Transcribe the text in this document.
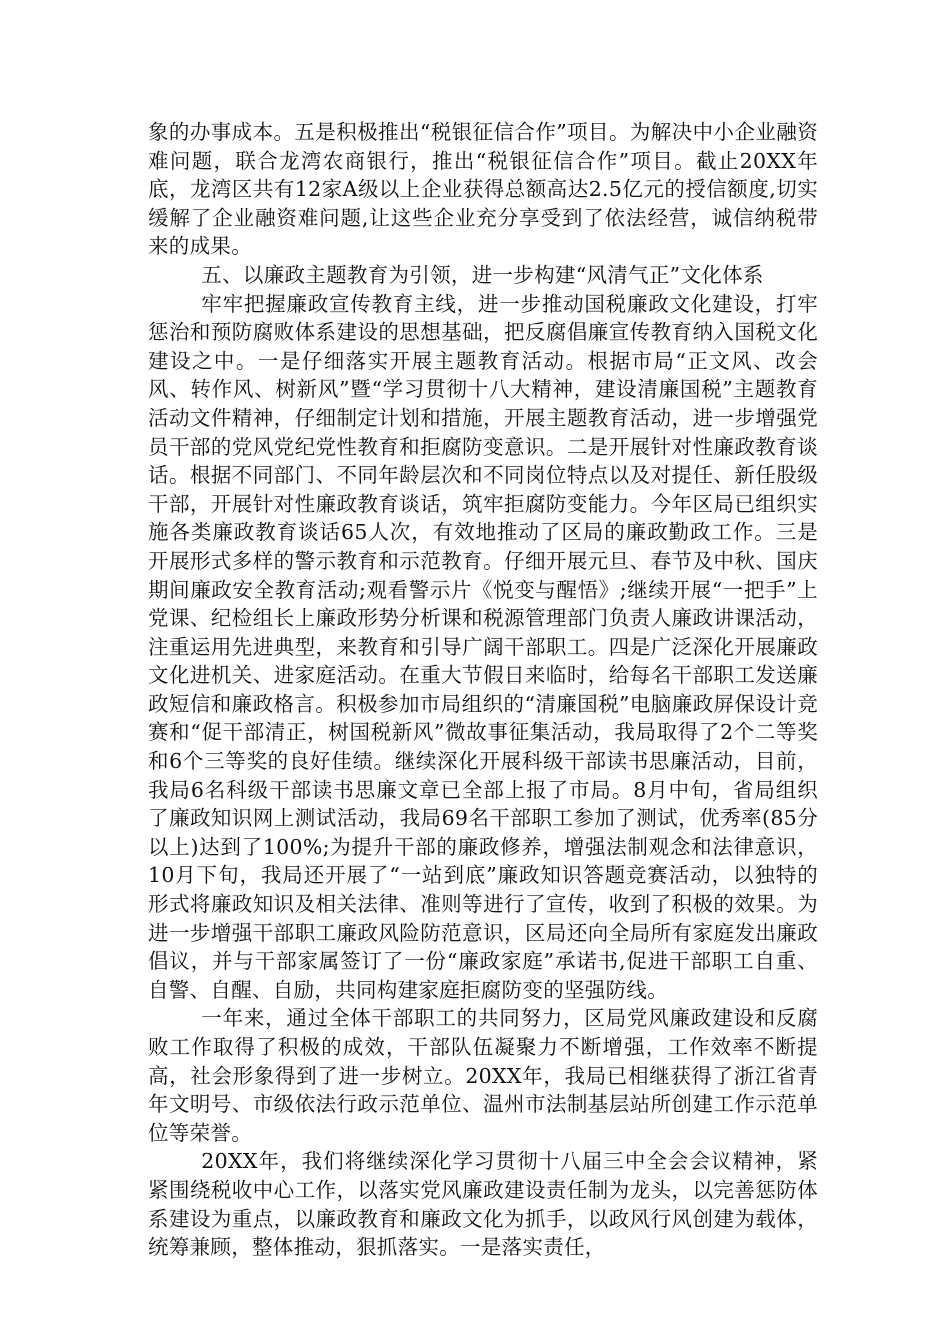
象的办事成本。五是积极推出“税银征信合作”项目。为解决中小企业融资难问题，联合龙湾农商银行，推出“税银征信合作”项目。截止20XX年底，龙湾区共有12家A级以上企业获得总额高达2.5亿元的授信额度,切实缓解了企业融资难问题,让这些企业充分享受到了依法经营，诚信纳税带来的成果。

五、以廉政主题教育为引领，进一步构建“风清气正”文化体系

牢牢把握廉政宣传教育主线，进一步推动国税廉政文化建设，打牢惩治和预防腐败体系建设的思想基础，把反腐倡廉宣传教育纳入国税文化建设之中。一是仔细落实开展主题教育活动。根据市局“正文风、改会风、转作风、树新风”暨“学习贯彻十八大精神，建设清廉国税”主题教育活动文件精神，仔细制定计划和措施，开展主题教育活动，进一步增强党员干部的党风党纪党性教育和拒腐防变意识。二是开展针对性廉政教育谈话。根据不同部门、不同年龄层次和不同岗位特点以及对提任、新任股级干部，开展针对性廉政教育谈话，筑牢拒腐防变能力。今年区局已组织实施各类廉政教育谈话65人次，有效地推动了区局的廉政勤政工作。三是开展形式多样的警示教育和示范教育。仔细开展元旦、春节及中秋、国庆期间廉政安全教育活动;观看警示片《悦变与醒悟》;继续开展“一把手”上党课、纪检组长上廉政形势分析课和税源管理部门负责人廉政讲课活动，注重运用先进典型，来教育和引导广阔干部职工。四是广泛深化开展廉政文化进机关、进家庭活动。在重大节假日来临时，给每名干部职工发送廉政短信和廉政格言。积极参加市局组织的“清廉国税”电脑廉政屏保设计竞赛和“促干部清正，树国税新风”微故事征集活动，我局取得了2个二等奖和6个三等奖的良好佳绩。继续深化开展科级干部读书思廉活动，目前，我局6名科级干部读书思廉文章已全部上报了市局。8月中旬，省局组织了廉政知识网上测试活动，我局69名干部职工参加了测试，优秀率(85分以上)达到了100%;为提升干部的廉政修养，增强法制观念和法律意识，10月下旬，我局还开展了“一站到底”廉政知识答题竞赛活动，以独特的形式将廉政知识及相关法律、准则等进行了宣传，收到了积极的效果。为进一步增强干部职工廉政风险防范意识，区局还向全局所有家庭发出廉政倡议，并与干部家属签订了一份“廉政家庭”承诺书,促进干部职工自重、自警、自醒、自励，共同构建家庭拒腐防变的坚强防线。

一年来，通过全体干部职工的共同努力，区局党风廉政建设和反腐败工作取得了积极的成效，干部队伍凝聚力不断增强，工作效率不断提高，社会形象得到了进一步树立。20XX年，我局已相继获得了浙江省青年文明号、市级依法行政示范单位、温州市法制基层站所创建工作示范单位等荣誉。

20XX年，我们将继续深化学习贯彻十八届三中全会会议精神，紧紧围绕税收中心工作，以落实党风廉政建设责任制为龙头，以完善惩防体系建设为重点，以廉政教育和廉政文化为抓手，以政风行风创建为载体，统筹兼顾，整体推动，狠抓落实。一是落实责任，
